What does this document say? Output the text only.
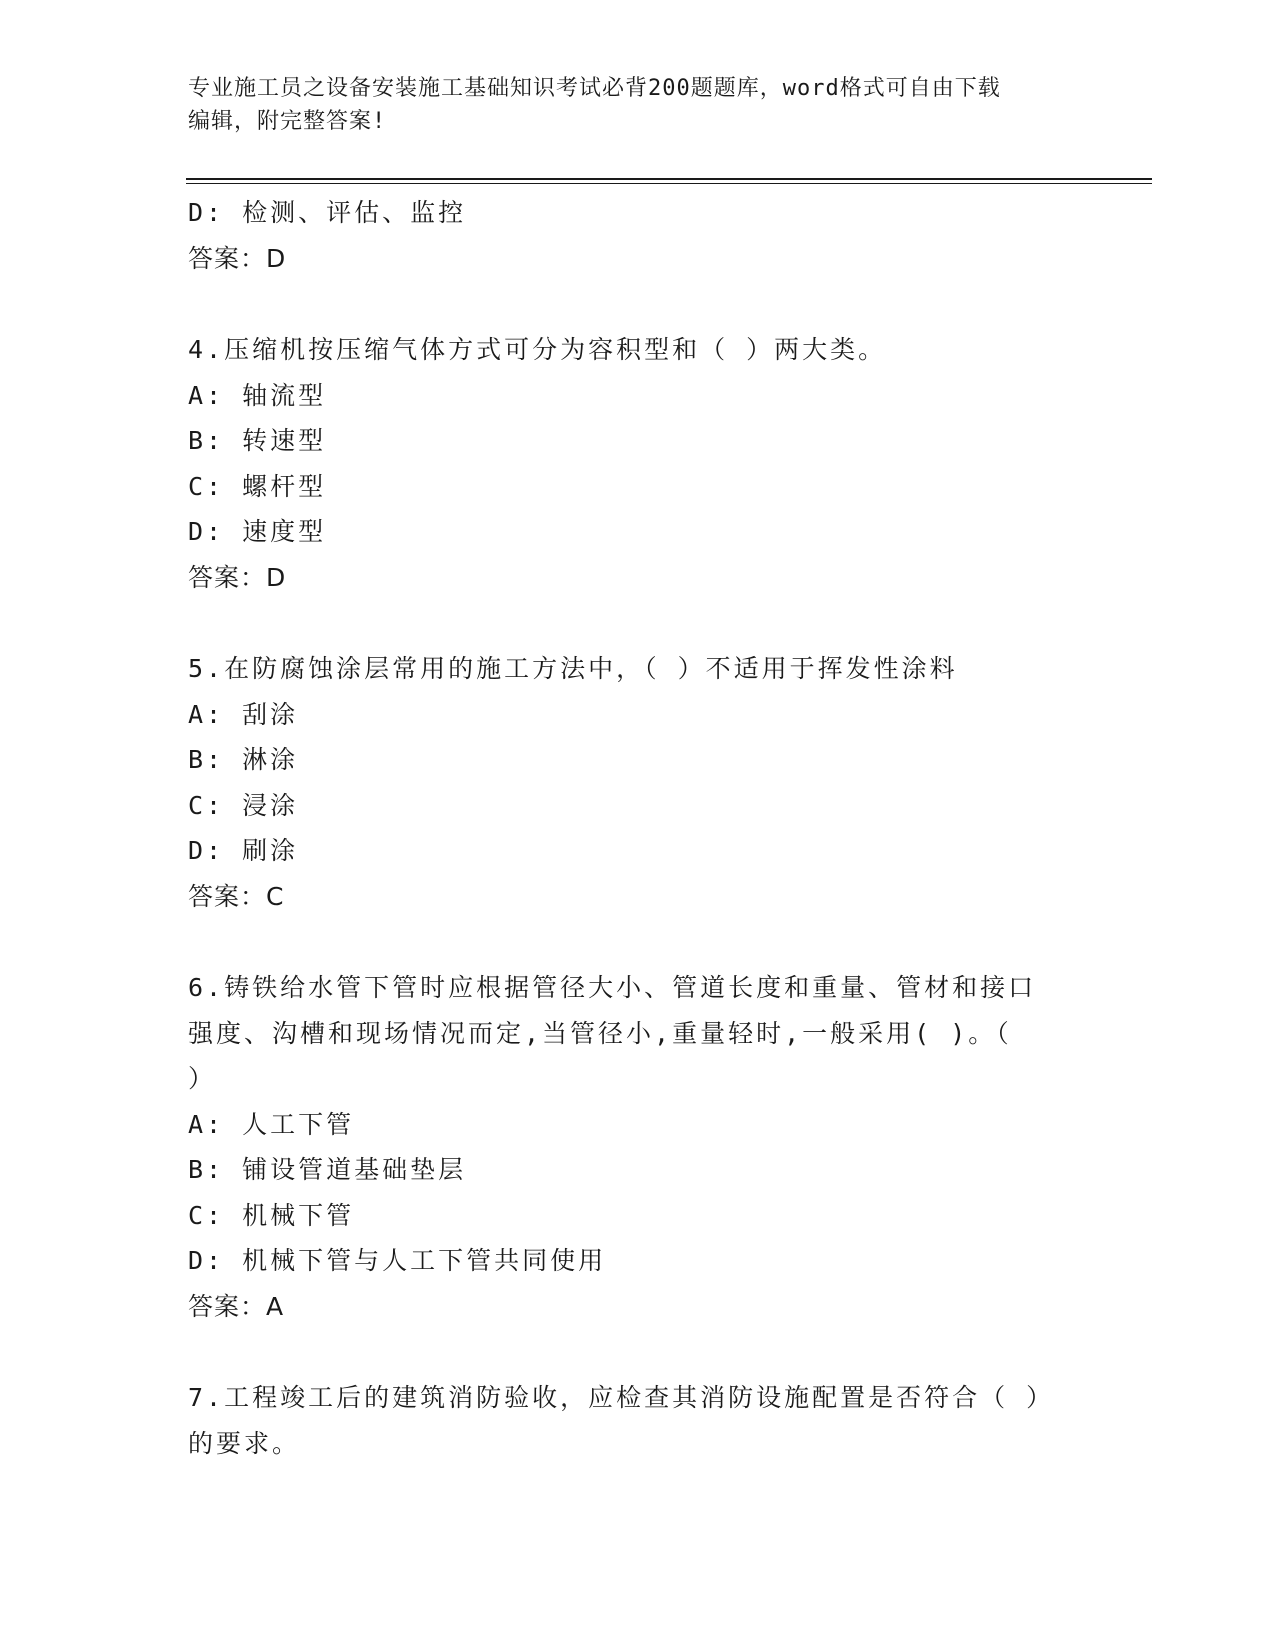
专业施工员之设备安装施工基础知识考试必背200题题库，word格式可自由下载
编辑，附完整答案!
D: 检测、评估、监控
答案：D
4.压缩机按压缩气体方式可分为容积型和（ ）两大类。
A: 轴流型
B: 转速型
C: 螺杆型
D: 速度型
答案：D
5.在防腐蚀涂层常用的施工方法中，（ ）不适用于挥发性涂料
A: 刮涂
B: 淋涂
C: 浸涂
D: 刷涂
答案：C
6.铸铁给水管下管时应根据管径大小、管道长度和重量、管材和接口
强度、沟槽和现场情况而定,当管径小,重量轻时,一般采用( )。（
）
A: 人工下管
B: 铺设管道基础垫层
C: 机械下管
D: 机械下管与人工下管共同使用
答案：A
7.工程竣工后的建筑消防验收，应检查其消防设施配置是否符合（ ）
的要求。
